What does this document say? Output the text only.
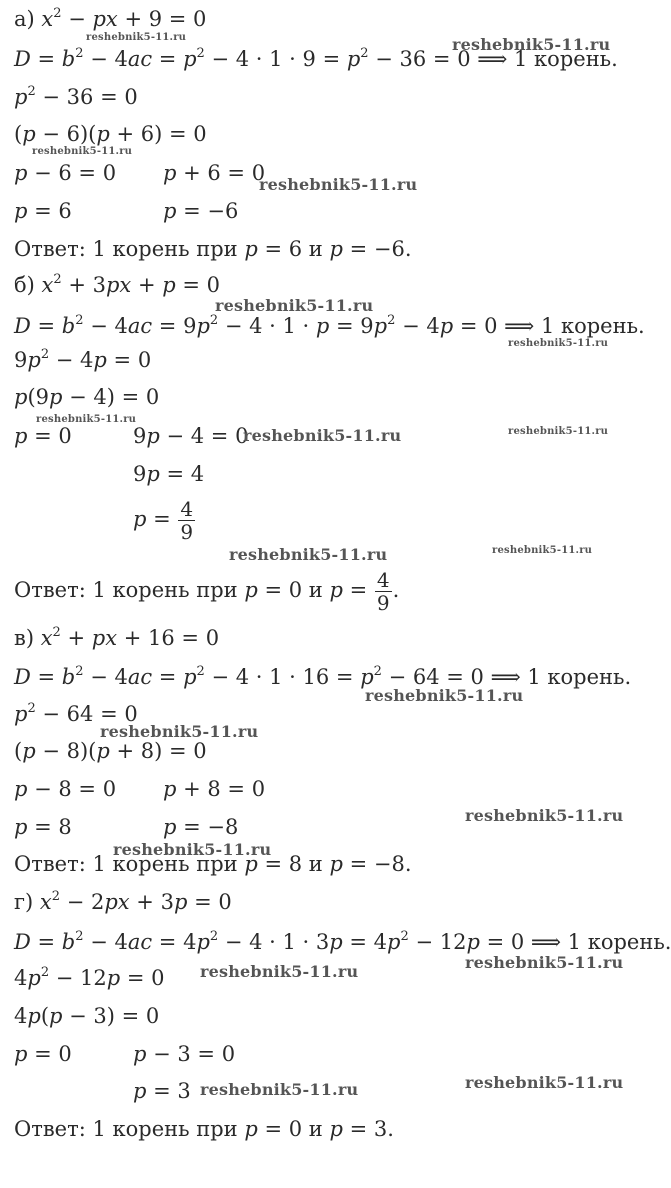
а) $x^2$ − px + 9 = 0
$D = b^2 - 4ac = p^2 - 4 \cdot 1 \cdot 9 = p^2 - 36 = 0$ ⟹ 1 корень.
$p^2 - 36 = 0$
(p − 6)(p + 6) = 0
p − 6 = 0 p + 6 = 0
p = 6	p = −6
Ответ: 1 корень при p = 6 и p = −6.
б) $x^2 + 3px + p = 0$
$D = b^2 - 4ac = 9p^2 - 4 \cdot 1 \cdot p = 9p^2 - 4p = 0$ ⟹ 1 корень.
$9p^2 - 4p = 0$
p(9p − 4) = 0
p = 0	9p − 4 = 0
9p = 4
$p = \frac{4}{9}$
Ответ: 1 корень при p = 0 и $p = \frac{4}{9}$ .
в) $x^2$ + px + 16 = 0
$D = b^2 - 4ac = p^2 - 4 \cdot 1 \cdot 16 = p^2 - 64 = 0$ ⟹ 1 корень.
$p^2 - 64 = 0$
(p − 8)(p + 8) = 0
p − 8 = 0 p + 8 = 0
p = 8	p = −8
Ответ: 1 корень при p = 8 и p = −8.
г) $x^2 - 2px + 3p = 0$
$D = b^2 - 4ac = 4p^2 - 4 \cdot 1 \cdot 3p = 4p^2 - 12p = 0$ ⟹ 1 корень.
$4p^2 - 12p = 0$
4p(p − 3) = 0
p = 0	p − 3 = 0
p = 3
Ответ: 1 корень при p = 0 и p = 3.
reshebnik5-11.ru	reshebnik5-11.ru
reshebnik5-11.ru
reshebnik5-11.ru
reshebnik5-11.ru
reshebnik5-11.ru
reshebnik5-11.ru
reshebnik5-11.ru	reshebnik5-11.ru
reshebnik5-11.ru	reshebnik5-11.ru
reshebnik5-11.ru
reshebnik5-11.ru
reshebnik5-11.ru
reshebnik5-11.ru
reshebnik5-11.ru
reshebnik5-11.ru
reshebnik5-11.ru	reshebnik5-11.ru
